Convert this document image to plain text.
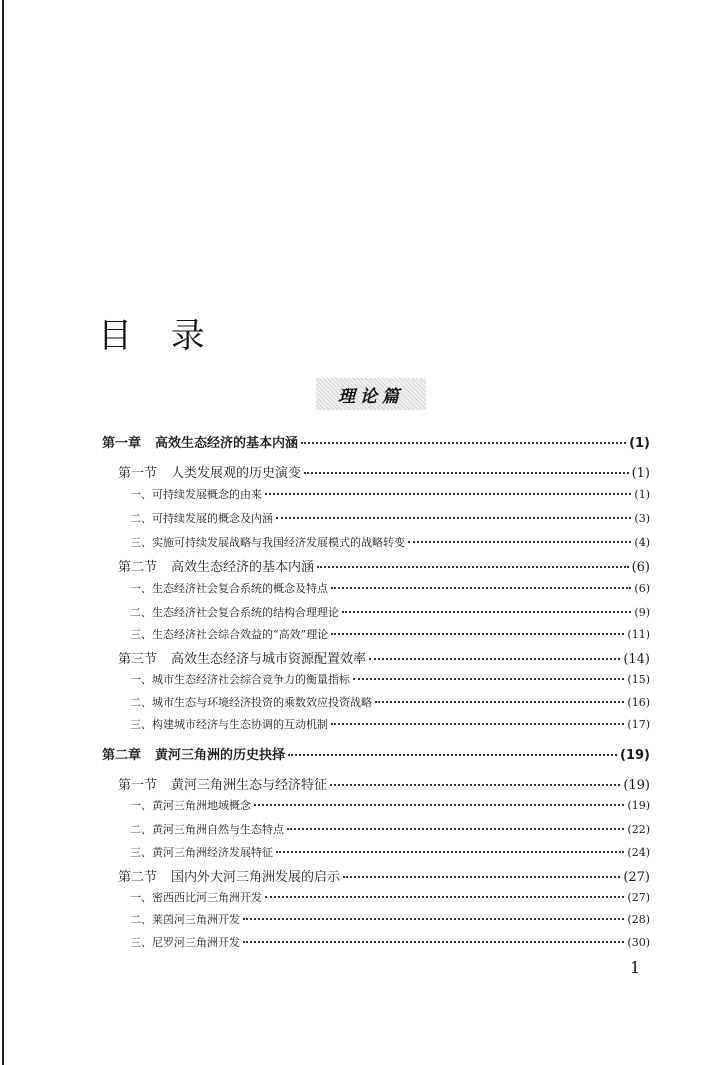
目 录
理论篇
第一章 高效生态经济的基本内涵	(1)
第一节 人类发展观的历史演变	(1)
一、可持续发展概念的由来	(1)
二、可持续发展的概念及内涵	(3)
三、实施可持续发展战略与我国经济发展模式的战略转变	(4)
第二节 高效生态经济的基本内涵	(6)
一、生态经济社会复合系统的概念及特点	(6)
二、生态经济社会复合系统的结构合理理论	(9)
三、生态经济社会综合效益的“高效”理论	(11)
第三节 高效生态经济与城市资源配置效率	(14)
一、城市生态经济社会综合竞争力的衡量指标	(15)
二、城市生态与环境经济投资的乘数效应投资战略	(16)
三、构建城市经济与生态协调的互动机制	(17)
第二章 黄河三角洲的历史抉择	(19)
第一节 黄河三角洲生态与经济特征	(19)
一、黄河三角洲地域概念	(19)
二、黄河三角洲自然与生态特点	(22)
三、黄河三角洲经济发展特征	(24)
第二节 国内外大河三角洲发展的启示	(27)
一、密西西比河三角洲开发	(27)
二、莱茵河三角洲开发	(28)
三、尼罗河三角洲开发	(30)
1
